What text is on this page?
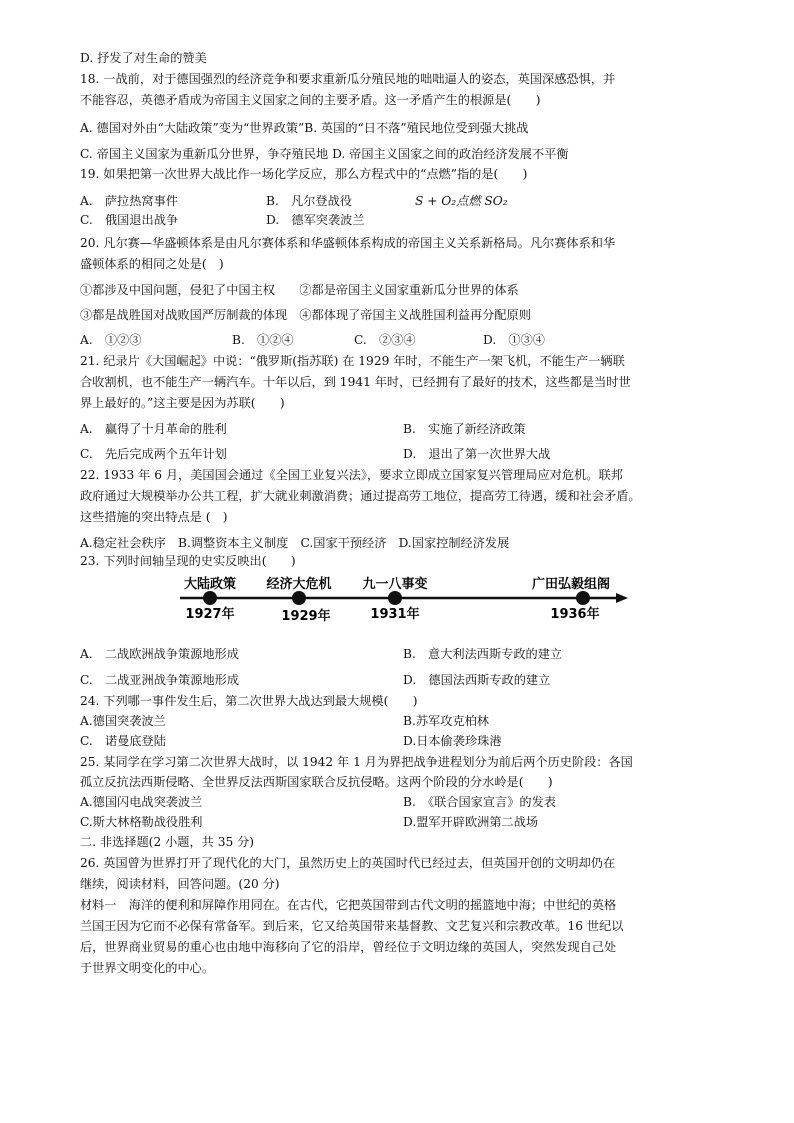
D. 抒发了对生命的赞美
18. 一战前，对于德国强烈的经济竞争和要求重新瓜分殖民地的咄咄逼人的姿态，英国深感恐惧，并
不能容忍，英德矛盾成为帝国主义国家之间的主要矛盾。这一矛盾产生的根源是(　　)
A. 德国对外由“大陆政策”变为“世界政策”B. 英国的“日不落”殖民地位受到强大挑战
C. 帝国主义国家为重新瓜分世界，争夺殖民地 D. 帝国主义国家之间的政治经济发展不平衡
19. 如果把第一次世界大战比作一场化学反应，那么方程式中的“点燃”指的是(　　)
A.　萨拉热窝事件	B.　凡尔登战役	S + O₂点燃 SO₂
C.　俄国退出战争	D.　德军突袭波兰
20. 凡尔赛—华盛顿体系是由凡尔赛体系和华盛顿体系构成的帝国主义关系新格局。凡尔赛体系和华
盛顿体系的相同之处是(　)
①都涉及中国问题，侵犯了中国主权　　②都是帝国主义国家重新瓜分世界的体系
③都是战胜国对战败国严厉制裁的体现　④都体现了帝国主义战胜国利益再分配原则
A.　①②③	B.　①②④	C.　②③④	D.　①③④
21. 纪录片《大国崛起》中说：“俄罗斯(指苏联) 在 1929 年时，不能生产一架飞机，不能生产一辆联
合收割机，也不能生产一辆汽车。十年以后，到 1941 年时，已经拥有了最好的技术，这些都是当时世
界上最好的。”这主要是因为苏联(　　)
A.　赢得了十月革命的胜利	B.　实施了新经济政策
C.　先后完成两个五年计划	D.　退出了第一次世界大战
22. 1933 年 6 月，美国国会通过《全国工业复兴法》，要求立即成立国家复兴管理局应对危机。联邦
政府通过大规模举办公共工程，扩大就业刺激消费；通过提高劳工地位，提高劳工待遇，缓和社会矛盾。
这些措施的突出特点是 (　)
A.稳定社会秩序　B.调整资本主义制度　C.国家干预经济　D.国家控制经济发展
23. 下列时间轴呈现的史实反映出(　　)
大陆政策 经济大危机 九一八事变	广田弘毅组阁
1927年	1929年	1931年	1936年
A.　二战欧洲战争策源地形成	B.　意大利法西斯专政的建立
C.　二战亚洲战争策源地形成	D.　德国法西斯专政的建立
24. 下列哪一事件发生后，第二次世界大战达到最大规模(　　)
A.德国突袭波兰	B.苏军攻克柏林
C.　诺曼底登陆	D.日本偷袭珍珠港
25. 某同学在学习第二次世界大战时，以 1942 年 1 月为界把战争进程划分为前后两个历史阶段：各国
孤立反抗法西斯侵略、全世界反法西斯国家联合反抗侵略。这两个阶段的分水岭是(　　)
A.德国闪电战突袭波兰	B.　《联合国家宣言》的发表
C.斯大林格勒战役胜利	D.盟军开辟欧洲第二战场
二. 非选择题(2 小题，共 35 分)
26. 英国曾为世界打开了现代化的大门，虽然历史上的英国时代已经过去，但英国开创的文明却仍在
继续，阅读材料，回答问题。(20 分)
材料一　海洋的便利和屏障作用同在。在古代，它把英国带到古代文明的摇篮地中海；中世纪的英格
兰国王因为它而不必保有常备军。到后来，它又给英国带来基督教、文艺复兴和宗教改革。16 世纪以
后，世界商业贸易的重心也由地中海移向了它的沿岸，曾经位于文明边缘的英国人，突然发现自己处
于世界文明变化的中心。
